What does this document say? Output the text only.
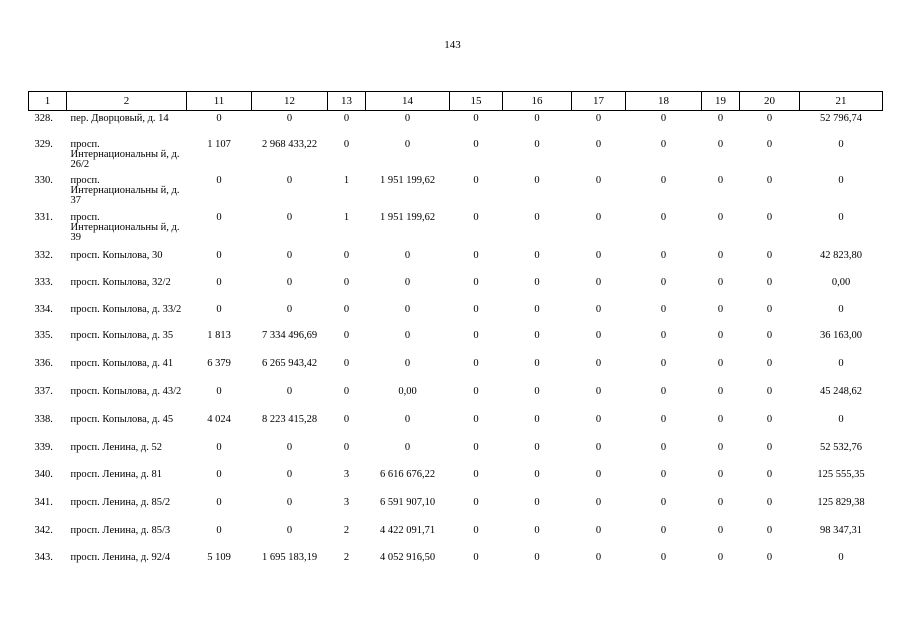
143
1	2	11	12	13	14	15	16	17	18	19	20	21
328.	пер. Дворцовый, д. 14	0	0	0	0	0	0	0	0	0	0	52 796,74
329.	просп. Интернациональны й, д. 26/2	1 107	2 968 433,22	0	0	0	0	0	0	0	0	0
330.	просп. Интернациональны й, д. 37	0	0	1	1 951 199,62	0	0	0	0	0	0	0
331.	просп. Интернациональны й, д. 39	0	0	1	1 951 199,62	0	0	0	0	0	0	0
332.	просп. Копылова, 30	0	0	0	0	0	0	0	0	0	0	42 823,80
333.	просп. Копылова, 32/2	0	0	0	0	0	0	0	0	0	0	0,00
334.	просп. Копылова, д. 33/2	0	0	0	0	0	0	0	0	0	0	0
335.	просп. Копылова, д. 35	1 813	7 334 496,69	0	0	0	0	0	0	0	0	36 163,00
336.	просп. Копылова, д. 41	6 379	6 265 943,42	0	0	0	0	0	0	0	0	0
337.	просп. Копылова, д. 43/2	0	0	0	0,00	0	0	0	0	0	0	45 248,62
338.	просп. Копылова, д. 45	4 024	8 223 415,28	0	0	0	0	0	0	0	0	0
339.	просп. Ленина, д. 52	0	0	0	0	0	0	0	0	0	0	52 532,76
340.	просп. Ленина, д. 81	0	0	3	6 616 676,22	0	0	0	0	0	0	125 555,35
341.	просп. Ленина, д. 85/2	0	0	3	6 591 907,10	0	0	0	0	0	0	125 829,38
342.	просп. Ленина, д. 85/3	0	0	2	4 422 091,71	0	0	0	0	0	0	98 347,31
343.	просп. Ленина, д. 92/4	5 109	1 695 183,19	2	4 052 916,50	0	0	0	0	0	0	0
